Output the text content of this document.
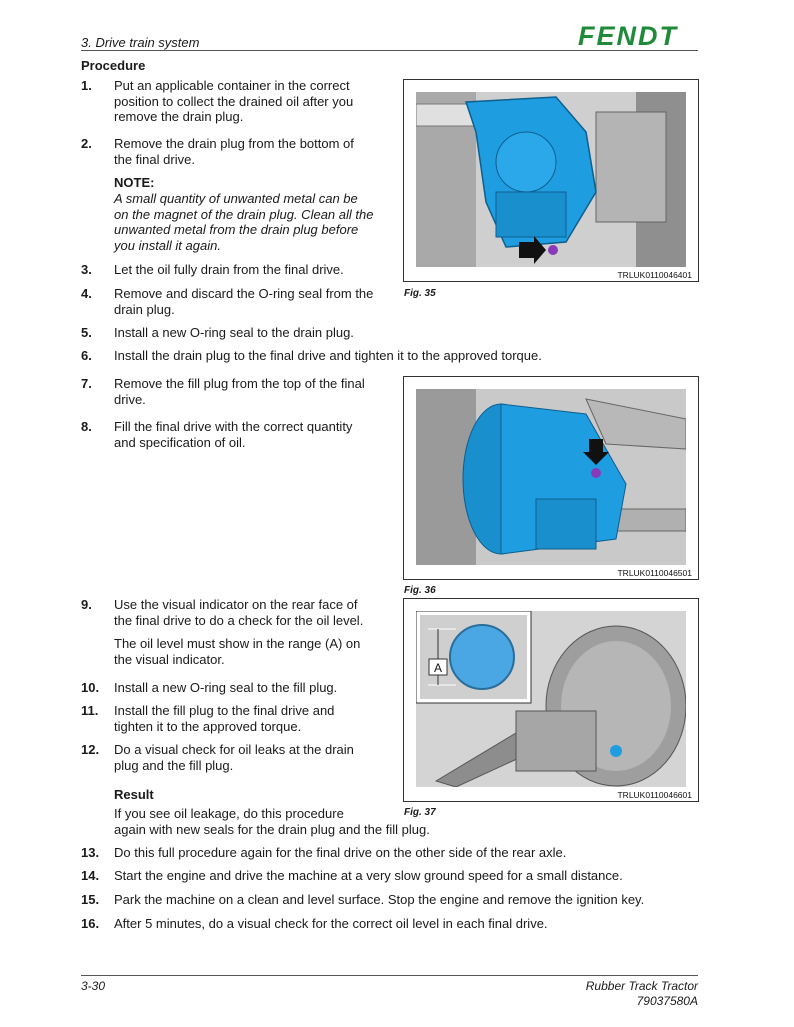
3. Drive train system	FENDT
Procedure
1.	Put an applicable container in the correct
position to collect the drained oil after you
remove the drain plug.
2.	Remove the drain plug from the bottom of
the final drive.
NOTE:
A small quantity of unwanted metal can be
on the magnet of the drain plug. Clean all the
unwanted metal from the drain plug before
you install it again.
3.	Let the oil fully drain from the final drive.
4.	Remove and discard the O-ring seal from the
drain plug.
5.	Install a new O-ring seal to the drain plug.
6.	Install the drain plug to the final drive and tighten it to the approved torque.
7.	Remove the fill plug from the top of the final
drive.
8.	Fill the final drive with the correct quantity
and specification of oil.
9.	Use the visual indicator on the rear face of
the final drive to do a check for the oil level.
The oil level must show in the range (A) on
the visual indicator.
10.	Install a new O-ring seal to the fill plug.
11.	Install the fill plug to the final drive and
tighten it to the approved torque.
12.	Do a visual check for oil leaks at the drain
plug and the fill plug.
Result
If you see oil leakage, do this procedure
again with new seals for the drain plug and the fill plug.
13.	Do this full procedure again for the final drive on the other side of the rear axle.
14.	Start the engine and drive the machine at a very slow ground speed for a small distance.
15.	Park the machine on a clean and level surface. Stop the engine and remove the ignition key.
16.	After 5 minutes, do a visual check for the correct oil level in each final drive.
TRLUK0110046401
Fig. 35
TRLUK0110046501
Fig. 36
A
TRLUK0110046601
Fig. 37
3-30	Rubber Track Tractor
79037580A
